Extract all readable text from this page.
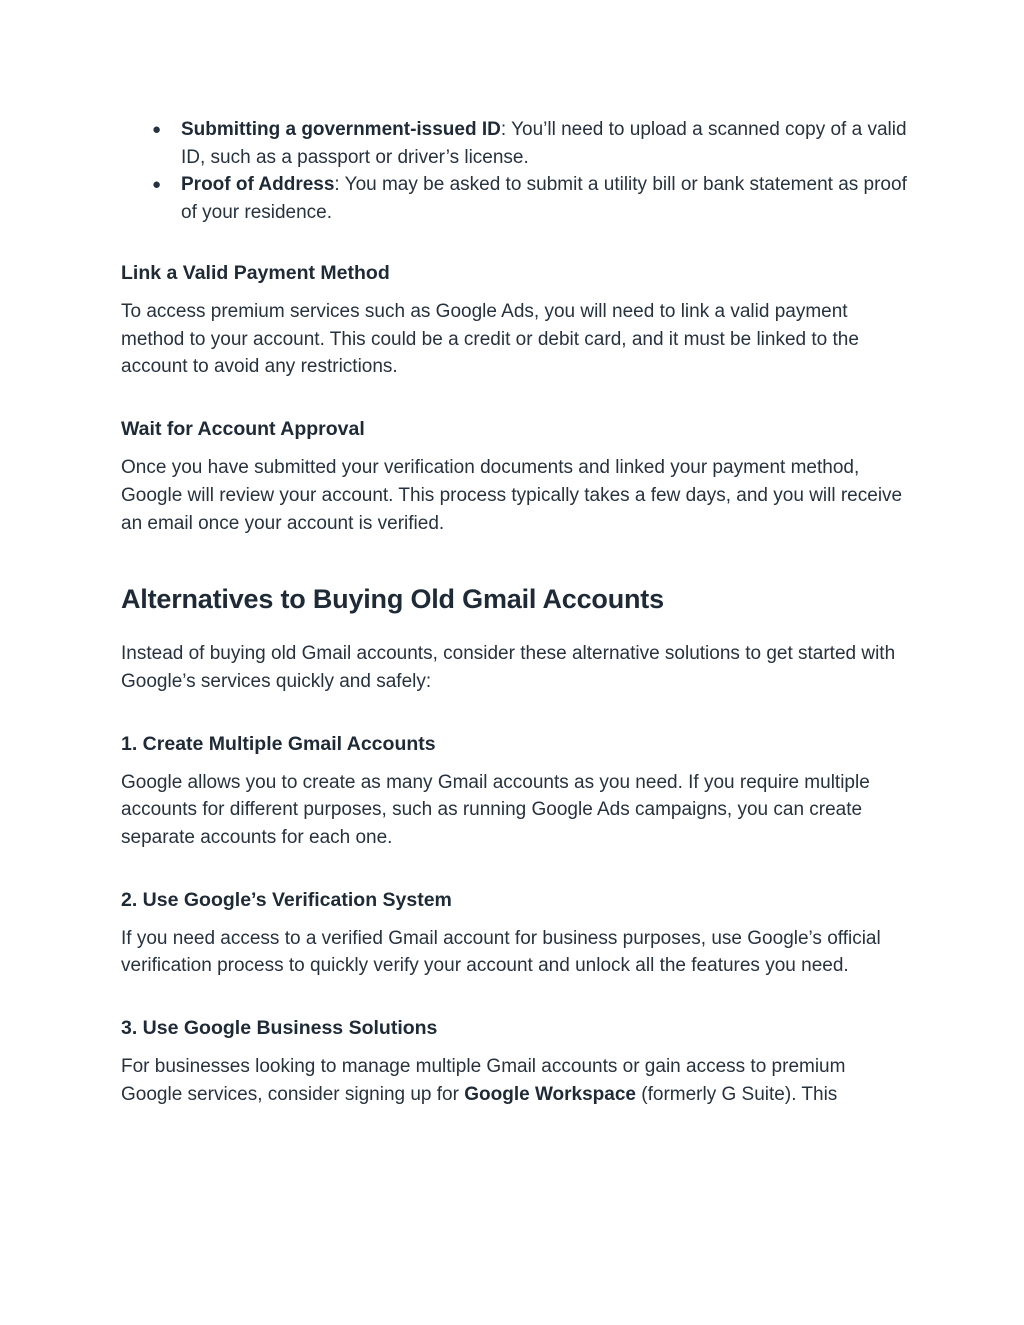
● Submitting a government-issued ID: You’ll need to upload a scanned copy of a valid ID, such as a passport or driver’s license.
● Proof of Address: You may be asked to submit a utility bill or bank statement as proof of your residence.
Link a Valid Payment Method

To access premium services such as Google Ads, you will need to link a valid payment method to your account. This could be a credit or debit card, and it must be linked to the account to avoid any restrictions.

Wait for Account Approval

Once you have submitted your verification documents and linked your payment method, Google will review your account. This process typically takes a few days, and you will receive an email once your account is verified.

Alternatives to Buying Old Gmail Accounts

Instead of buying old Gmail accounts, consider these alternative solutions to get started with Google’s services quickly and safely:

1. Create Multiple Gmail Accounts

Google allows you to create as many Gmail accounts as you need. If you require multiple accounts for different purposes, such as running Google Ads campaigns, you can create separate accounts for each one.

2. Use Google’s Verification System

If you need access to a verified Gmail account for business purposes, use Google’s official verification process to quickly verify your account and unlock all the features you need.

3. Use Google Business Solutions

For businesses looking to manage multiple Gmail accounts or gain access to premium Google services, consider signing up for Google Workspace (formerly G Suite). This
